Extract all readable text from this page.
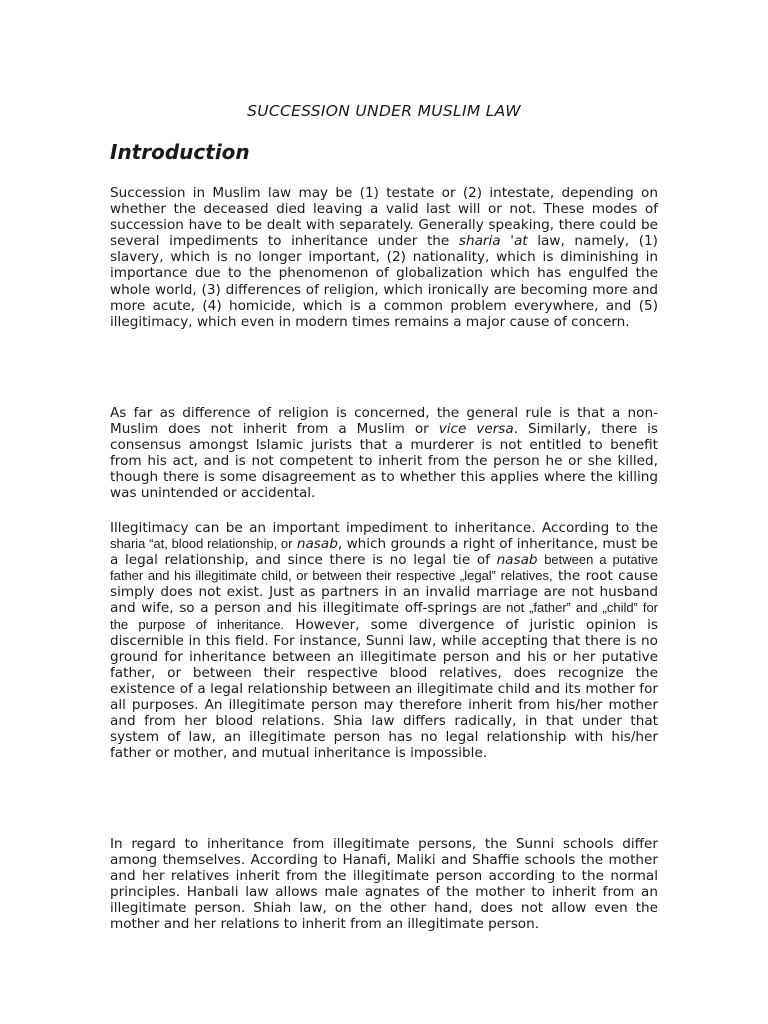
SUCCESSION UNDER MUSLIM LAW
Introduction

Succession in Muslim law may be (1) testate or (2) intestate, depending on whether the deceased died leaving a valid last will or not. These modes of succession have to be dealt with separately. Generally speaking, there could be several impediments to inheritance under the sharia 'at law, namely, (1) slavery, which is no longer important, (2) nationality, which is diminishing in importance due to the phenomenon of globalization which has engulfed the whole world, (3) differences of religion, which ironically are becoming more and more acute, (4) homicide, which is a common problem everywhere, and (5) illegitimacy, which even in modern times remains a major cause of concern.

As far as difference of religion is concerned, the general rule is that a non-Muslim does not inherit from a Muslim or vice versa. Similarly, there is consensus amongst Islamic jurists that a murderer is not entitled to benefit from his act, and is not competent to inherit from the person he or she killed, though there is some disagreement as to whether this applies where the killing was unintended or accidental.

Illegitimacy can be an important impediment to inheritance. According to the sharia “at, blood relationship, or nasab, which grounds a right of inheritance, must be a legal relationship, and since there is no legal tie of nasab between a putative father and his illegitimate child, or between their respective „legal‟ relatives, the root cause simply does not exist. Just as partners in an invalid marriage are not husband and wife, so a person and his illegitimate off-springs are not „father‟ and „child‟ for the purpose of inheritance. However, some divergence of juristic opinion is discernible in this field. For instance, Sunni law, while accepting that there is no ground for inheritance between an illegitimate person and his or her putative father, or between their respective blood relatives, does recognize the existence of a legal relationship between an illegitimate child and its mother for all purposes. An illegitimate person may therefore inherit from his/her mother and from her blood relations. Shia law differs radically, in that under that system of law, an illegitimate person has no legal relationship with his/her father or mother, and mutual inheritance is impossible.

In regard to inheritance from illegitimate persons, the Sunni schools differ among themselves. According to Hanafi, Maliki and Shaffie schools the mother and her relatives inherit from the illegitimate person according to the normal principles. Hanbali law allows male agnates of the mother to inherit from an illegitimate person. Shiah law, on the other hand, does not allow even the mother and her relations to inherit from an illegitimate person.
